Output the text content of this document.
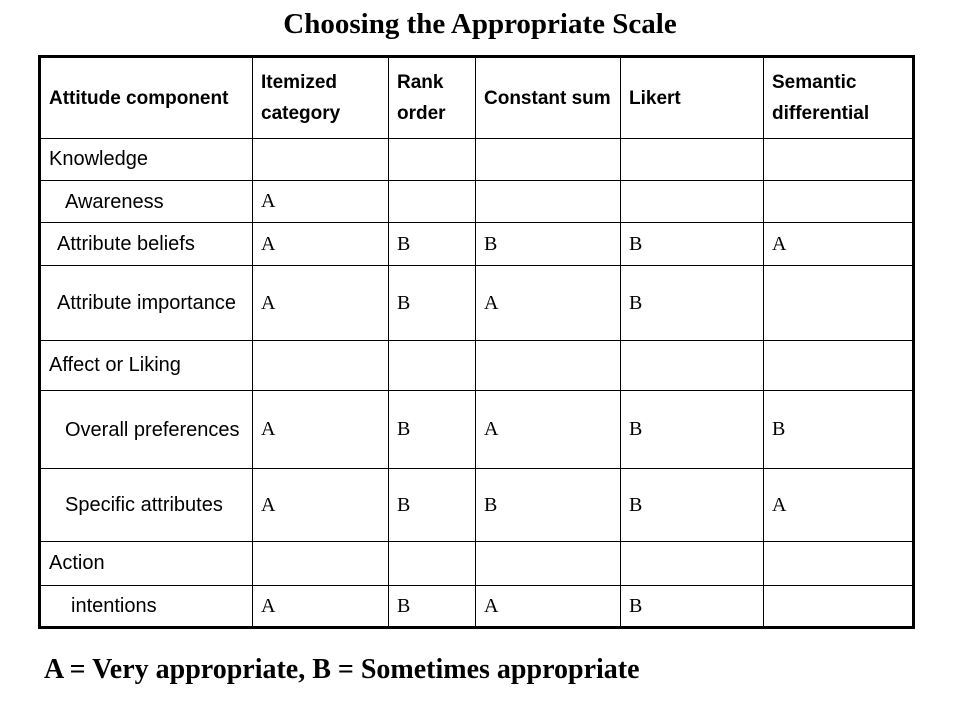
Choosing the Appropriate Scale
Attitude component	Itemized category	Rank order	Constant sum	Likert	Semantic differential
Knowledge					
Awareness	A				
Attribute beliefs	A	B	B	B	A
Attribute importance	A	B	A	B	
Affect or Liking					
Overall preferences	A	B	A	B	B
Specific attributes	A	B	B	B	A
Action					
intentions	A	B	A	B	
A = Very appropriate, B = Sometimes appropriate
